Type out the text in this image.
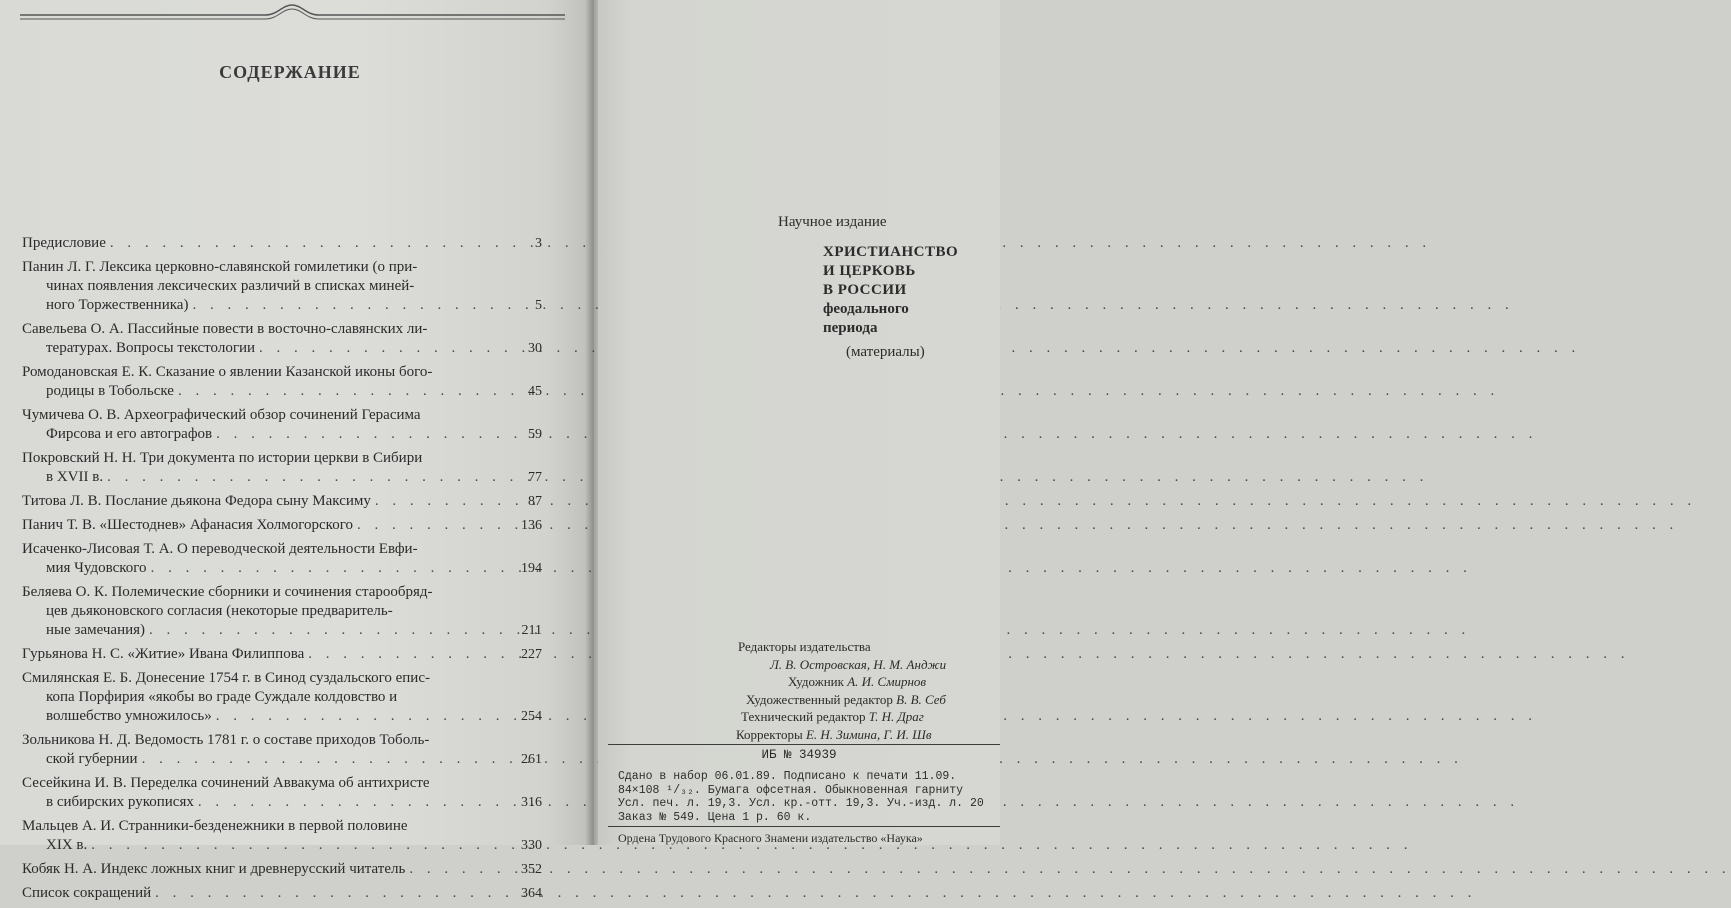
СОДЕРЖАНИЕ
Предисловие . . .	3
Панин Л. Г. Лексика церковно-славянской гомилетики (о при-
чинах появления лексических различий в списках миней-
ного Торжественника) . . .	5
Савельева О. А. Пассийные повести в восточно-славянских ли-
тературах. Вопросы текстологии . . .	30
Ромодановская Е. К. Сказание о явлении Казанской иконы бого-
родицы в Тобольске . . .	45
Чумичева О. В. Археографический обзор сочинений Герасима
Фирсова и его автографов . . .	59
Покровский Н. Н. Три документа по истории церкви в Сибири
в XVII в. . . .	77
Титова Л. В. Послание дьякона Федора сыну Максиму . . .	87
Панич Т. В. «Шестоднев» Афанасия Холмогорского . . .	136
Исаченко-Лисовая Т. А. О переводческой деятельности Евфи-
мия Чудовского . . .	194
Беляева О. К. Полемические сборники и сочинения старообряд-
цев дьяконовского согласия (некоторые предваритель-
ные замечания) . . .	211
Гурьянова Н. С. «Житие» Ивана Филиппова . . .	227
Смилянская Е. Б. Донесение 1754 г. в Синод суздальского епис-
копа Порфирия «якобы во граде Суждале колдовство и
волшебство умножилось» . . .	254
Зольникова Н. Д. Ведомость 1781 г. о составе приходов Тоболь-
ской губернии . . .	261
Сесейкина И. В. Переделка сочинений Аввакума об антихристе
в сибирских рукописях . . .	316
Мальцев А. И. Странники-безденежники в первой половине
XIX в. . . .	330
Кобяк Н. А. Индекс ложных книг и древнерусский читатель . . .	352
Список сокращений . . .	364
Научное издание
ХРИСТИАНСТВО
И ЦЕРКОВЬ
В РОССИИ
феодального
периода
(материалы)
Редакторы издательства
Л. В. Островская, Н. М. Анджи
Художник А. И. Смирнов
Художественный редактор В. В. Себ
Технический редактор Т. Н. Драг
Корректоры Е. Н. Зимина, Г. И. Шв
ИБ № 34939
Сдано в набор 06.01.89. Подписано к печати 11.09.
84×108 ¹/₃₂. Бумага офсетная. Обыкновенная гарниту
Усл. печ. л. 19,3. Усл. кр.-отт. 19,3. Уч.-изд. л. 20
Заказ № 549. Цена 1 р. 60 к.
Ордена Трудового Красного Знамени издательство «Наука»
